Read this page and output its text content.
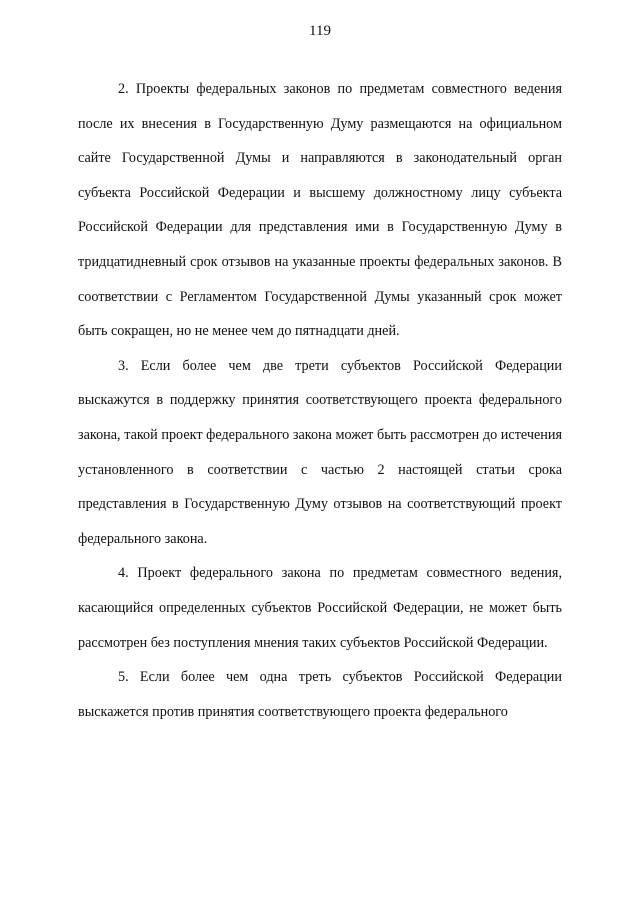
119

2. Проекты федеральных законов по предметам совместного ведения после их внесения в Государственную Думу размещаются на официальном сайте Государственной Думы и направляются в законодательный орган субъекта Российской Федерации и высшему должностному лицу субъекта Российской Федерации для представления ими в Государственную Думу в тридцатидневный срок отзывов на указанные проекты федеральных законов. В соответствии с Регламентом Государственной Думы указанный срок может быть сокращен, но не менее чем до пятнадцати дней.

3. Если более чем две трети субъектов Российской Федерации выскажутся в поддержку принятия соответствующего проекта федерального закона, такой проект федерального закона может быть рассмотрен до истечения установленного в соответствии с частью 2 настоящей статьи срока представления в Государственную Думу отзывов на соответствующий проект федерального закона.

4. Проект федерального закона по предметам совместного ведения, касающийся определенных субъектов Российской Федерации, не может быть рассмотрен без поступления мнения таких субъектов Российской Федерации.

5. Если более чем одна треть субъектов Российской Федерации выскажется против принятия соответствующего проекта федерального
